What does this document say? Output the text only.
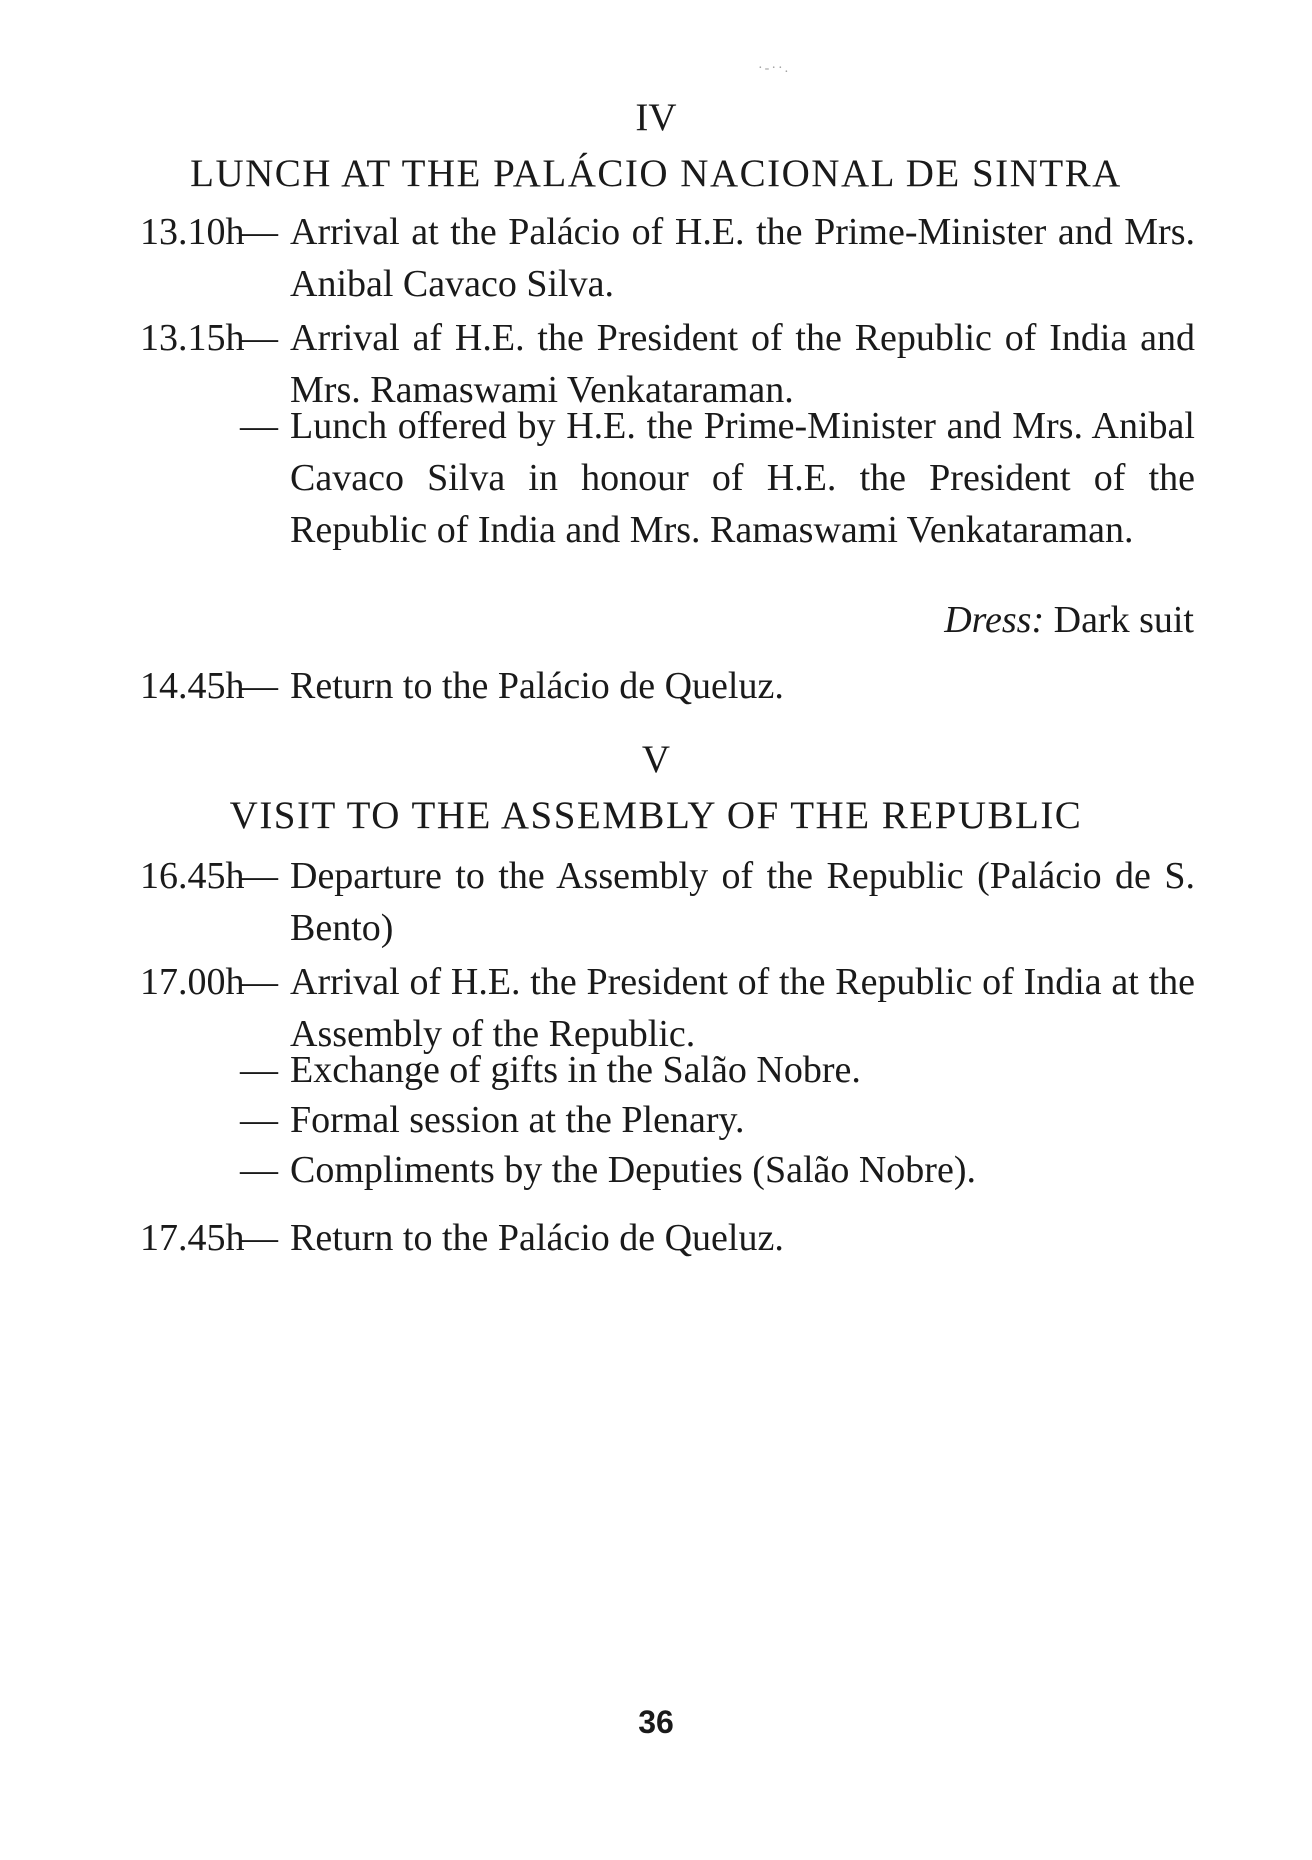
·-··.
IV
LUNCH AT THE PALÁCIO NACIONAL DE SINTRA
13.10h
— Arrival at the Palácio of H.E. the Prime-Minister and Mrs. Anibal Cavaco Silva.
13.15h
— Arrival af H.E. the President of the Republic of India and Mrs. Ramaswami Venkataraman.
— Lunch offered by H.E. the Prime-Minister and Mrs. Anibal Cavaco Silva in honour of H.E. the President of the Republic of India and Mrs. Ramaswami Venkataraman.
Dress: Dark suit
14.45h
— Return to the Palácio de Queluz.
V
VISIT TO THE ASSEMBLY OF THE REPUBLIC
16.45h
— Departure to the Assembly of the Republic (Palácio de S. Bento)
17.00h
— Arrival of H.E. the President of the Republic of India at the Assembly of the Republic.
— Exchange of gifts in the Salão Nobre.
— Formal session at the Plenary.
— Compliments by the Deputies (Salão Nobre).
17.45h
— Return to the Palácio de Queluz.
36
